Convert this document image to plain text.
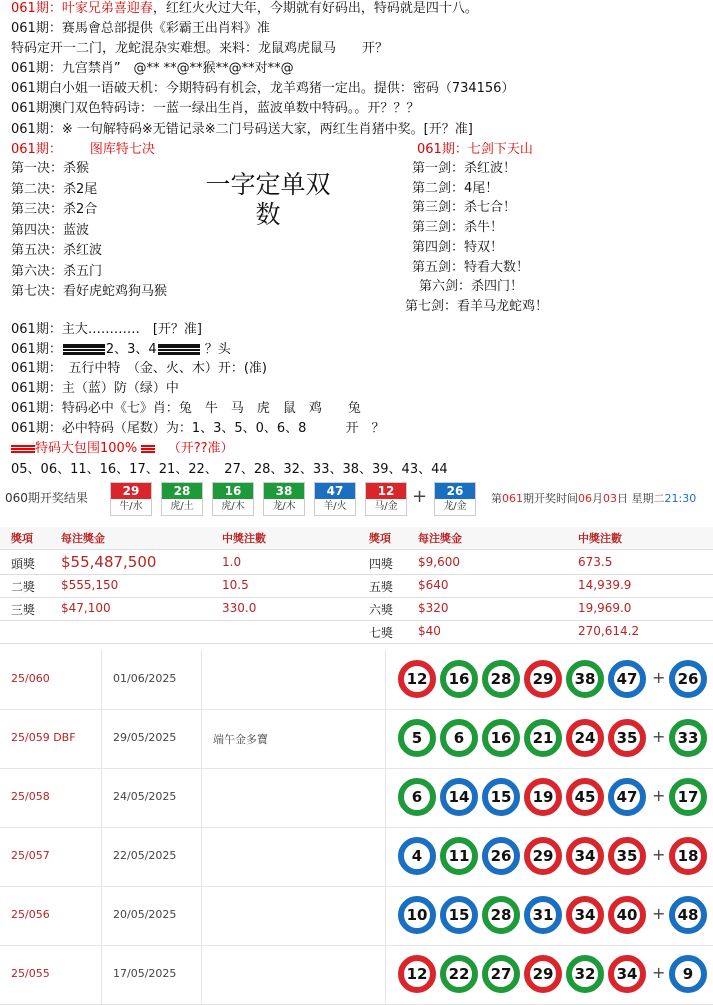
061期：叶家兄弟喜迎春，红红火火过大年，今期就有好码出，特码就是四十八。
061期：赛馬會总部提供《彩霸王出肖料》准
特码定开一二门，龙蛇混杂实难想。来料：龙鼠鸡虎鼠马　　开？
061期：九宫禁肖”　@** **@**猴**@**对**@
061期白小姐一语破天机：今期特码有机会，龙羊鸡猪一定出。提供：密码（734156）
061期澳门双色特码诗：一蓝一绿出生肖，蓝波单数中特码。。开？？？
061期：※ 一句解特码※无错记录※二门号码送大家，两红生肖猪中奖。[开？准]
061期： 图库特七决
第一决：杀猴
第二决：杀2尾
第三决：杀2合
第四决：蓝波
第五决：杀红波
第六决：杀五门
第七决：看好虎蛇鸡狗马猴
一字定单双数
061期：七剑下天山
第一剑：杀红波！
第二剑：4尾！
第三剑：杀七合！
第三剑：杀牛！
第四剑：特双！
第五剑：特看大数！
第六剑：杀四门！
第七剑：看羊马龙蛇鸡！
061期：主大…………　[开？准]
061期：	2、3、4	？头
061期：　五行中特　（金、火、木）开：(准)
061期：主（蓝）防（绿）中
061期：特码必中《七》肖：兔　牛　马　虎　鼠　鸡　　兔
061期：必中特码（尾数）为：1、3、5、0、6、8　　　开　？
特码大包围100% （开??准）
05、06、11、16、17、21、22、　27、28、32、33、38、39、43、44
060期开奖结果	29
牛/水
28
虎/土
16
虎/木
38
龙/木
47
羊/火
12
马/金 +	26
龙/金
第061期开奖时间06月03日 星期二21:30
獎項	每注獎金	中獎注數	獎項 每注獎金	中獎注數
頭獎 $55,487,500	1.0	四獎 $9,600	673.5
二獎 $555,150	10.5	五獎 $640	14,939.9
三獎 $47,100	330.0	六獎 $320	19,969.0
七獎 $40	270,614.2
25/060	01/06/2025	12	16	28	29	38	47 + 26
25/059 DBF	29/05/2025	端午金多寶	5	6	16	21	24	35 + 33
25/058	24/05/2025	6	14	15	19	45	47 + 17
25/057	22/05/2025	4	11	26	29	34	35 + 18
25/056	20/05/2025	10	15	28	31	34	40 + 48
25/055	17/05/2025	12	22	27	29	32	34 +	9
